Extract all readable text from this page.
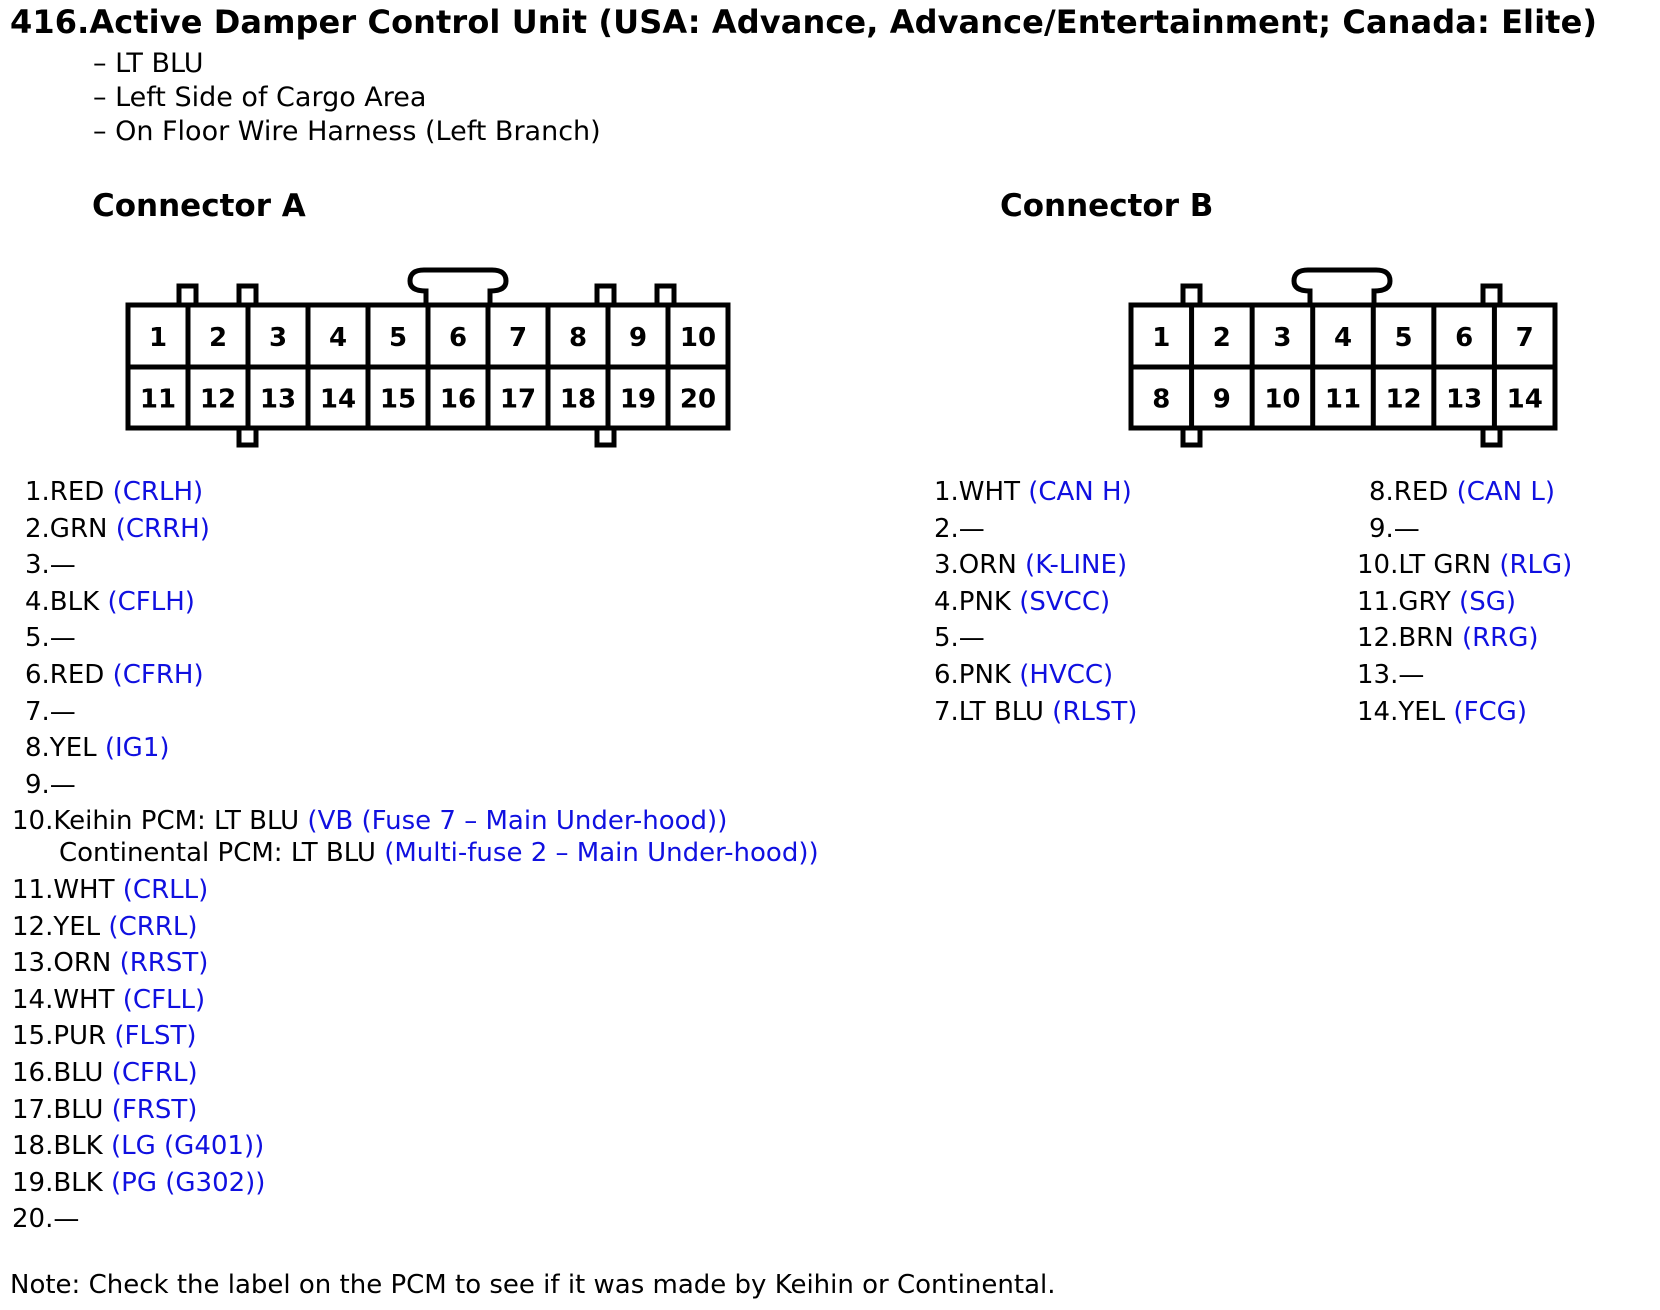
416.Active Damper Control Unit (USA: Advance, Advance/Entertainment; Canada: Elite)
– LT BLU
– Left Side of Cargo Area
– On Floor Wire Harness (Left Branch)
Connector A	Connector B
1 2 3 4 5 6 7 8 9 10
11 12 13 14 15 16 17 18 19 20
1 2 3 4 5 6 7
8 9 10 11 12 13 14
1.RED (CRLH)
2.GRN (CRRH)
3.—
4.BLK (CFLH)
5.—
6.RED (CFRH)
7.—
8.YEL (IG1)
9.—
10.Keihin PCM: LT BLU (VB (Fuse 7 – Main Under-hood))
Continental PCM: LT BLU (Multi-fuse 2 – Main Under-hood))
11.WHT (CRLL)
12.YEL (CRRL)
13.ORN (RRST)
14.WHT (CFLL)
15.PUR (FLST)
16.BLU (CFRL)
17.BLU (FRST)
18.BLK (LG (G401))
19.BLK (PG (G302))
20.—
1.WHT (CAN H)
2.—
3.ORN (K-LINE)
4.PNK (SVCC)
5.—
6.PNK (HVCC)
7.LT BLU (RLST)
8.RED (CAN L)
9.—
10.LT GRN (RLG)
11.GRY (SG)
12.BRN (RRG)
13.—
14.YEL (FCG)
Note: Check the label on the PCM to see if it was made by Keihin or Continental.
